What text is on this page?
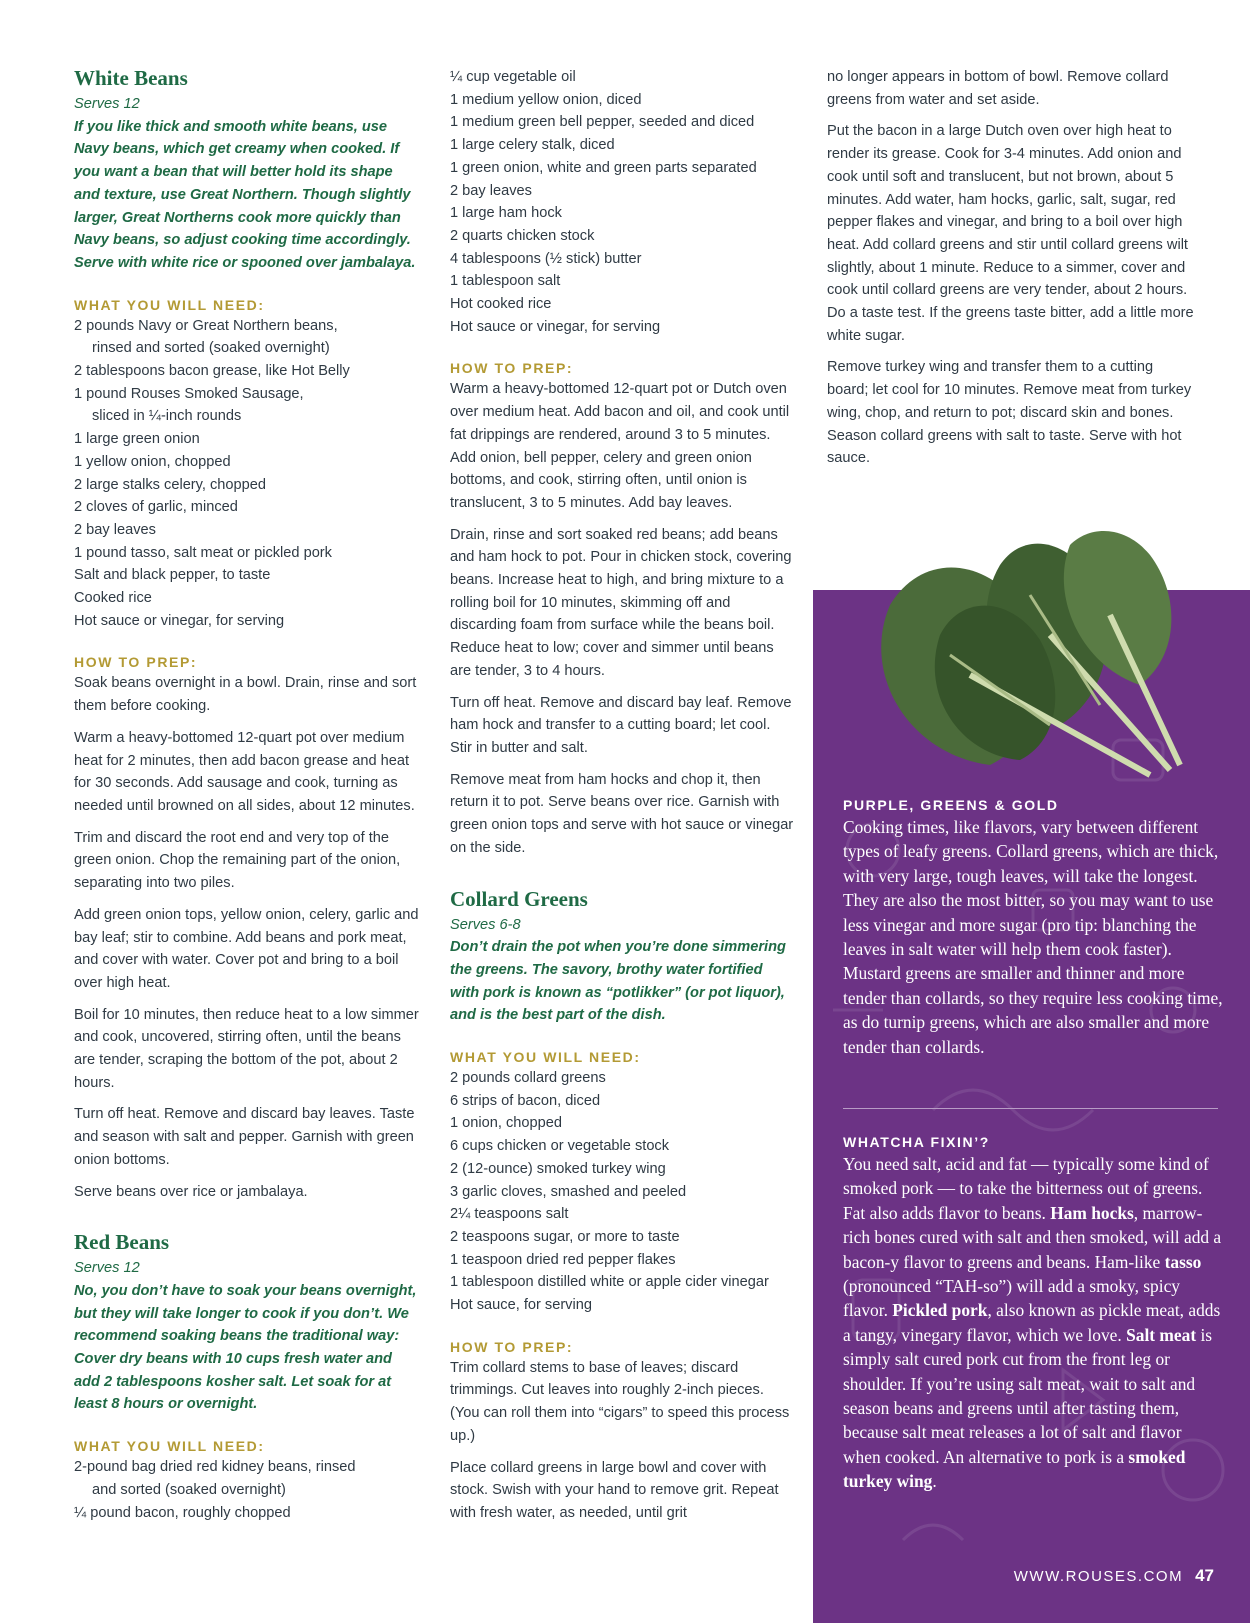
White Beans
Serves 12

If you like thick and smooth white beans, use Navy beans, which get creamy when cooked. If you want a bean that will better hold its shape and texture, use Great Northern. Though slightly larger, Great Northerns cook more quickly than Navy beans, so adjust cooking time accordingly. Serve with white rice or spooned over jambalaya.

WHAT YOU WILL NEED:
2 pounds Navy or Great Northern beans,
rinsed and sorted (soaked overnight)
2 tablespoons bacon grease, like Hot Belly
1 pound Rouses Smoked Sausage,
sliced in ¼-inch rounds
1 large green onion
1 yellow onion, chopped
2 large stalks celery, chopped
2 cloves of garlic, minced
2 bay leaves
1 pound tasso, salt meat or pickled pork
Salt and black pepper, to taste
Cooked rice
Hot sauce or vinegar, for serving
HOW TO PREP:

Soak beans overnight in a bowl. Drain, rinse and sort them before cooking.

Warm a heavy-bottomed 12-quart pot over medium heat for 2 minutes, then add bacon grease and heat for 30 seconds. Add sausage and cook, turning as needed until browned on all sides, about 12 minutes.

Trim and discard the root end and very top of the green onion. Chop the remaining part of the onion, separating into two piles.

Add green onion tops, yellow onion, celery, garlic and bay leaf; stir to combine. Add beans and pork meat, and cover with water. Cover pot and bring to a boil over high heat.

Boil for 10 minutes, then reduce heat to a low simmer and cook, uncovered, stirring often, until the beans are tender, scraping the bottom of the pot, about 2 hours.

Turn off heat. Remove and discard bay leaves. Taste and season with salt and pepper. Garnish with green onion bottoms.

Serve beans over rice or jambalaya.

Red Beans
Serves 12

No, you don’t have to soak your beans overnight, but they will take longer to cook if you don’t. We recommend soaking beans the traditional way: Cover dry beans with 10 cups fresh water and add 2 tablespoons kosher salt. Let soak for at least 8 hours or overnight.

WHAT YOU WILL NEED:
2-pound bag dried red kidney beans, rinsed
and sorted (soaked overnight)
¼ pound bacon, roughly chopped
¼ cup vegetable oil
1 medium yellow onion, diced
1 medium green bell pepper, seeded and diced
1 large celery stalk, diced
1 green onion, white and green parts separated
2 bay leaves
1 large ham hock
2 quarts chicken stock
4 tablespoons (½ stick) butter
1 tablespoon salt
Hot cooked rice
Hot sauce or vinegar, for serving
HOW TO PREP:

Warm a heavy-bottomed 12-quart pot or Dutch oven over medium heat. Add bacon and oil, and cook until fat drippings are rendered, around 3 to 5 minutes. Add onion, bell pepper, celery and green onion bottoms, and cook, stirring often, until onion is translucent, 3 to 5 minutes. Add bay leaves.

Drain, rinse and sort soaked red beans; add beans and ham hock to pot. Pour in chicken stock, covering beans. Increase heat to high, and bring mixture to a rolling boil for 10 minutes, skimming off and discarding foam from surface while the beans boil. Reduce heat to low; cover and simmer until beans are tender, 3 to 4 hours.

Turn off heat. Remove and discard bay leaf. Remove ham hock and transfer to a cutting board; let cool. Stir in butter and salt.

Remove meat from ham hocks and chop it, then return it to pot. Serve beans over rice. Garnish with green onion tops and serve with hot sauce or vinegar on the side.

Collard Greens
Serves 6-8

Don’t drain the pot when you’re done simmering the greens. The savory, brothy water fortified with pork is known as “potlikker” (or pot liquor), and is the best part of the dish.

WHAT YOU WILL NEED:
2 pounds collard greens
6 strips of bacon, diced
1 onion, chopped
6 cups chicken or vegetable stock
2 (12-ounce) smoked turkey wing
3 garlic cloves, smashed and peeled
2¼ teaspoons salt
2 teaspoons sugar, or more to taste
1 teaspoon dried red pepper flakes
1 tablespoon distilled white or apple cider vinegar
Hot sauce, for serving
HOW TO PREP:

Trim collard stems to base of leaves; discard trimmings. Cut leaves into roughly 2-inch pieces. (You can roll them into “cigars” to speed this process up.)

Place collard greens in large bowl and cover with stock. Swish with your hand to remove grit. Repeat with fresh water, as needed, until grit

no longer appears in bottom of bowl. Remove collard greens from water and set aside.

Put the bacon in a large Dutch oven over high heat to render its grease. Cook for 3-4 minutes. Add onion and cook until soft and translucent, but not brown, about 5 minutes. Add water, ham hocks, garlic, salt, sugar, red pepper flakes and vinegar, and bring to a boil over high heat. Add collard greens and stir until collard greens wilt slightly, about 1 minute. Reduce to a simmer, cover and cook until collard greens are very tender, about 2 hours. Do a taste test. If the greens taste bitter, add a little more white sugar.

Remove turkey wing and transfer them to a cutting board; let cool for 10 minutes. Remove meat from turkey wing, chop, and return to pot; discard skin and bones. Season collard greens with salt to taste. Serve with hot sauce.

PURPLE, GREENS & GOLD

Cooking times, like flavors, vary between different types of leafy greens. Collard greens, which are thick, with very large, tough leaves, will take the longest. They are also the most bitter, so you may want to use less vinegar and more sugar (pro tip: blanching the leaves in salt water will help them cook faster). Mustard greens are smaller and thinner and more tender than collards, so they require less cooking time, as do turnip greens, which are also smaller and more tender than collards.

WHATCHA FIXIN’?

You need salt, acid and fat — typically some kind of smoked pork — to take the bitterness out of greens. Fat also adds flavor to beans. Ham hocks, marrow-rich bones cured with salt and then smoked, will add a bacon-y flavor to greens and beans. Ham-like tasso (pronounced “TAH-so”) will add a smoky, spicy flavor. Pickled pork, also known as pickle meat, adds a tangy, vinegary flavor, which we love. Salt meat is simply salt cured pork cut from the front leg or shoulder. If you’re using salt meat, wait to salt and season beans and greens until after tasting them, because salt meat releases a lot of salt and flavor when cooked. An alternative to pork is a smoked turkey wing.

WWW.ROUSES.COM 47
